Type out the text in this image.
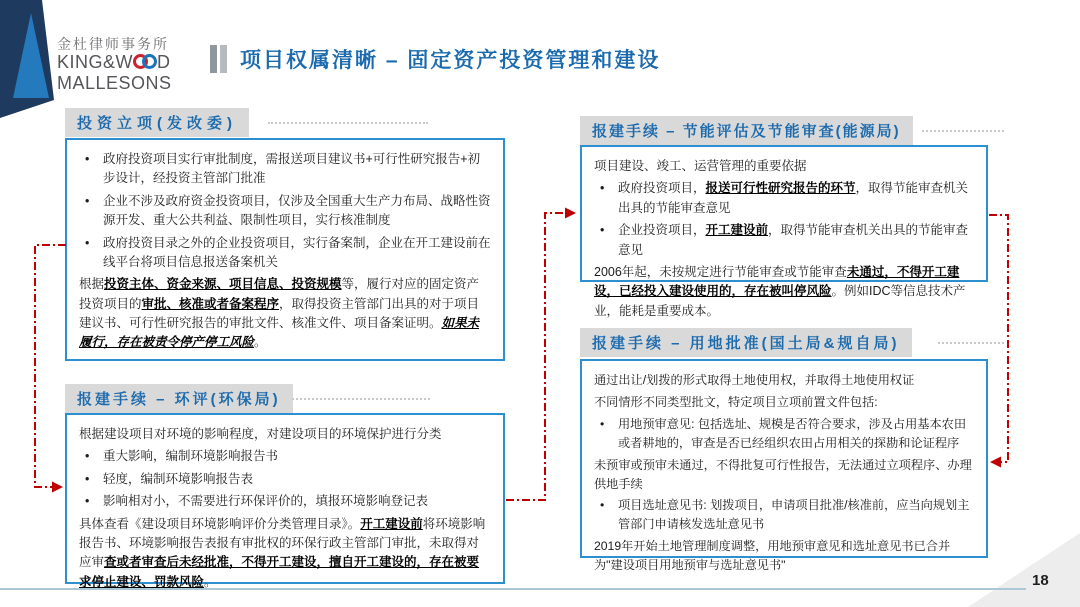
金杜律师事务所
KING&W D
MALLESONS
项目权属清晰 – 固定资产投资管理和建设
投资立项(发改委)	报建手续 – 节能评估及节能审查(能源局)
报建手续 – 环评(环保局)
报建手续 – 用地批准(国土局&规自局)
•	政府投资项目实行审批制度，需报送项目建议书+可行性研究报告+初步设计，经投资主管部门批准
•	企业不涉及政府资金投资项目，仅涉及全国重大生产力布局、战略性资源开发、重大公共利益、限制性项目，实行核准制度
•	政府投资目录之外的企业投资项目，实行备案制，企业在开工建设前在线平台将项目信息报送备案机关
根据投资主体、资金来源、项目信息、投资规模等，履行对应的固定资产投资项目的审批、核准或者备案程序，取得投资主管部门出具的对于项目建议书、可行性研究报告的审批文件、核准文件、项目备案证明。如果未履行，存在被责令停产停工风险。
项目建设、竣工、运营管理的重要依据
•	政府投资项目，报送可行性研究报告的环节，取得节能审查机关出具的节能审查意见
•	企业投资项目，开工建设前，取得节能审查机关出具的节能审查意见
2006年起，未按规定进行节能审查或节能审查未通过，不得开工建设，已经投入建设使用的，存在被叫停风险。例如IDC等信息技术产业，能耗是重要成本。
根据建设项目对环境的影响程度，对建设项目的环境保护进行分类
•	重大影响，编制环境影响报告书
•	轻度，编制环境影响报告表
•	影响相对小，不需要进行环保评价的，填报环境影响登记表
具体查看《建设项目环境影响评价分类管理目录》。开工建设前将环境影响报告书、环境影响报告表报有审批权的环保行政主管部门审批，未取得对应审查或者审查后未经批准，不得开工建设，擅自开工建设的，存在被要求停止建设、罚款风险。
通过出让/划拨的形式取得土地使用权，并取得土地使用权证
不同情形不同类型批文，特定项目立项前置文件包括:
•	用地预审意见: 包括选址、规模是否符合要求，涉及占用基本农田或者耕地的，审查是否已经组织农田占用相关的探勘和论证程序
未预审或预审未通过，不得批复可行性报告，无法通过立项程序、办理供地手续
•	项目选址意见书: 划拨项目，申请项目批准/核准前，应当向规划主管部门申请核发选址意见书
2019年开始土地管理制度调整，用地预审意见和选址意见书已合并为"建设项目用地预审与选址意见书"
18
